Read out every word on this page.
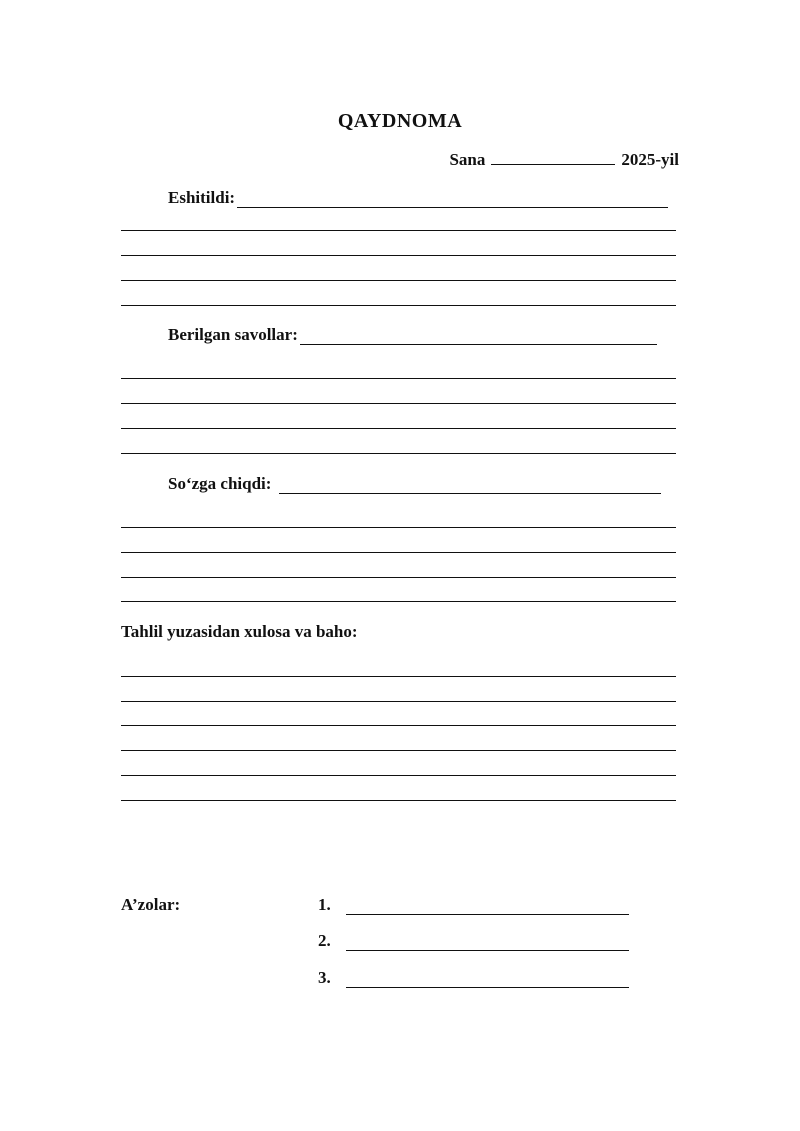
QAYDNOMA
Sana	2025-yil
Eshitildi:
Berilgan savollar:
So‘zga chiqdi:
Tahlil yuzasidan xulosa va baho:
A’zolar:	1.
2.
3.
